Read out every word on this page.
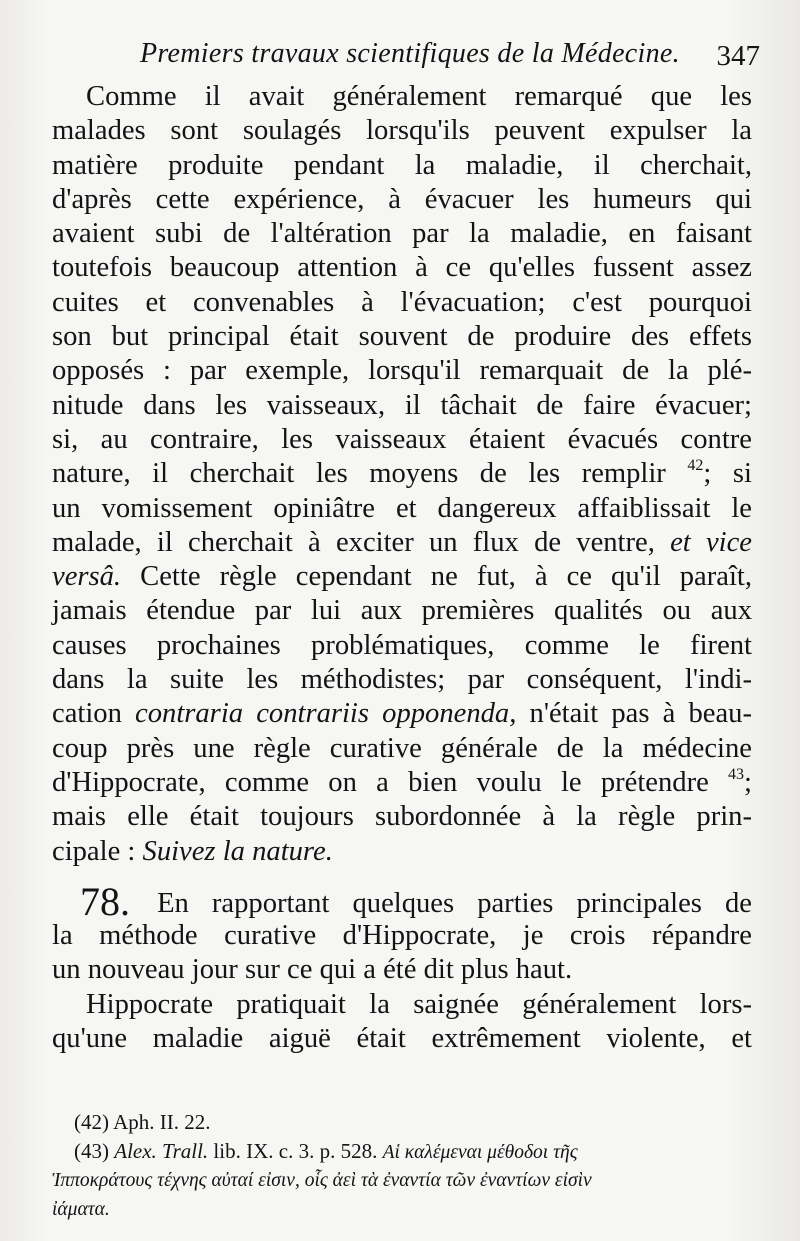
Premiers travaux scientifiques de la Médecine. 347
Comme il avait généralement remarqué que les
malades sont soulagés lorsqu'ils peuvent expulser la
matière produite pendant la maladie, il cherchait,
d'après cette expérience, à évacuer les humeurs qui
avaient subi de l'altération par la maladie, en faisant
toutefois beaucoup attention à ce qu'elles fussent assez
cuites et convenables à l'évacuation; c'est pourquoi
son but principal était souvent de produire des effets
opposés : par exemple, lorsqu'il remarquait de la plé-
nitude dans les vaisseaux, il tâchait de faire évacuer;
si, au contraire, les vaisseaux étaient évacués contre
nature, il cherchait les moyens de les remplir $^{42}$; si
un vomissement opiniâtre et dangereux affaiblissait le
malade, il cherchait à exciter un flux de ventre, et vice
versâ. Cette règle cependant ne fut, à ce qu'il paraît,
jamais étendue par lui aux premières qualités ou aux
causes prochaines problématiques, comme le firent
dans la suite les méthodistes; par conséquent, l'indi-
cation contraria contrariis opponenda, n'était pas à beau-
coup près une règle curative générale de la médecine
d'Hippocrate, comme on a bien voulu le prétendre $^{43}$;
mais elle était toujours subordonnée à la règle prin-
cipale : Suivez la nature.
78. En rapportant quelques parties principales de
la méthode curative d'Hippocrate, je crois répandre
un nouveau jour sur ce qui a été dit plus haut.
Hippocrate pratiquait la saignée généralement lors-
qu'une maladie aiguë était extrêmement violente, et
(42) Aph. II. 22.
(43) Alex. Trall. lib. IX. c. 3. p. 528. Αἱ καλέμεναι μέθοδοι τῆς
Ἱπποκράτους τέχνης αὐταί εἰσιν, οἷς ἀεὶ τὰ ἐναντία τῶν ἐναντίων εἰσὶν
ἰάματα.
